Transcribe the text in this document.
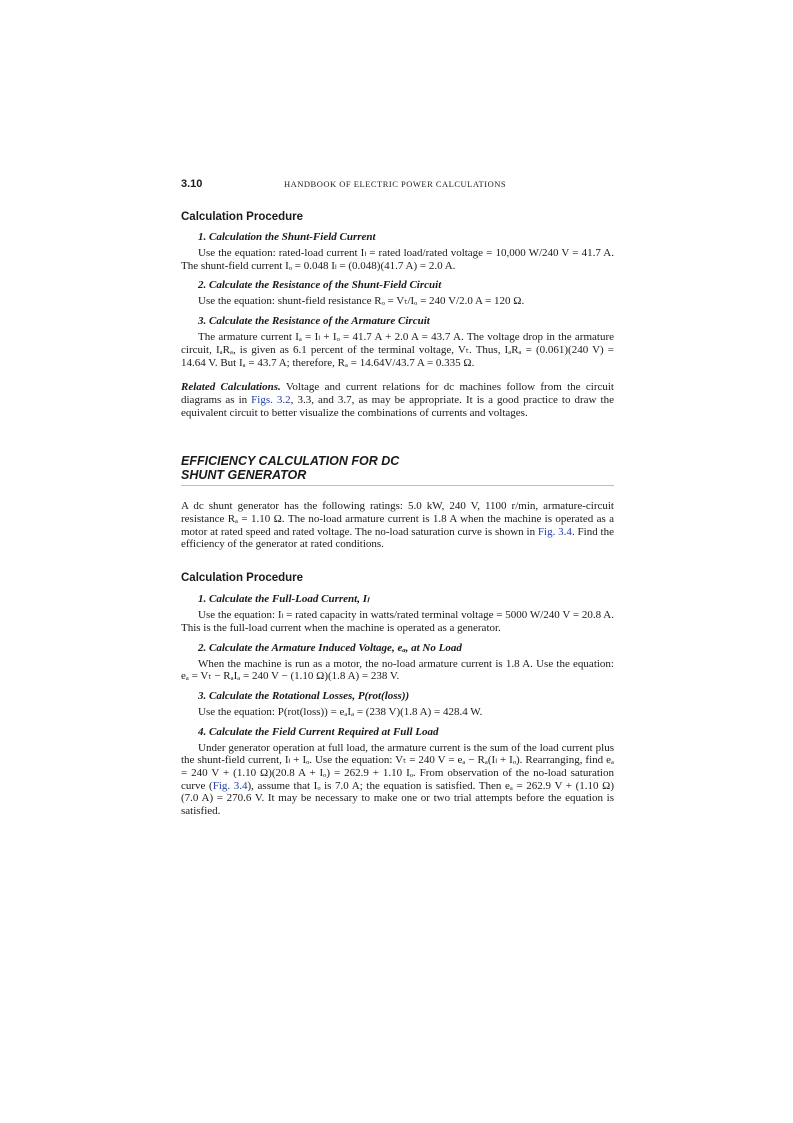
3.10	HANDBOOK OF ELECTRIC POWER CALCULATIONS
Calculation Procedure

1. Calculation the Shunt-Field Current

Use the equation: rated-load current Iₗ = rated load/rated voltage = 10,000 W/240 V = 41.7 A. The shunt-field current Iₒ = 0.048 Iₗ = (0.048)(41.7 A) = 2.0 A.

2. Calculate the Resistance of the Shunt-Field Circuit

Use the equation: shunt-field resistance Rₒ = Vₜ/Iₒ = 240 V/2.0 A = 120 Ω.

3. Calculate the Resistance of the Armature Circuit

The armature current Iₐ = Iₗ + Iₒ = 41.7 A + 2.0 A = 43.7 A. The voltage drop in the armature circuit, IₐRₐ, is given as 6.1 percent of the terminal voltage, Vₜ. Thus, IₐRₐ = (0.061)(240 V) = 14.64 V. But Iₐ = 43.7 A; therefore, Rₐ = 14.64V/43.7 A = 0.335 Ω.

Related Calculations. Voltage and current relations for dc machines follow from the circuit diagrams as in Figs. 3.2, 3.3, and 3.7, as may be appropriate. It is a good practice to draw the equivalent circuit to better visualize the combinations of currents and voltages.

EFFICIENCY CALCULATION FOR DC
SHUNT GENERATOR

A dc shunt generator has the following ratings: 5.0 kW, 240 V, 1100 r/min, armature-circuit resistance Rₐ = 1.10 Ω. The no-load armature current is 1.8 A when the machine is operated as a motor at rated speed and rated voltage. The no-load saturation curve is shown in Fig. 3.4. Find the efficiency of the generator at rated conditions.

Calculation Procedure

1. Calculate the Full-Load Current, Iₗ

Use the equation: Iₗ = rated capacity in watts/rated terminal voltage = 5000 W/240 V = 20.8 A. This is the full-load current when the machine is operated as a generator.

2. Calculate the Armature Induced Voltage, eₐ, at No Load

When the machine is run as a motor, the no-load armature current is 1.8 A. Use the equation: eₐ = Vₜ − RₐIₐ = 240 V − (1.10 Ω)(1.8 A) = 238 V.

3. Calculate the Rotational Losses, P(rot(loss))

Use the equation: P(rot(loss)) = eₐIₐ = (238 V)(1.8 A) = 428.4 W.

4. Calculate the Field Current Required at Full Load

Under generator operation at full load, the armature current is the sum of the load current plus the shunt-field current, Iₗ + Iₒ. Use the equation: Vₜ = 240 V = eₐ − Rₐ(Iₗ + Iₒ). Rearranging, find eₐ = 240 V + (1.10 Ω)(20.8 A + Iₒ) = 262.9 + 1.10 Iₒ. From observation of the no-load saturation curve (Fig. 3.4), assume that Iₒ is 7.0 A; the equation is satisfied. Then eₐ = 262.9 V + (1.10 Ω) (7.0 A) = 270.6 V. It may be necessary to make one or two trial attempts before the equation is satisfied.
